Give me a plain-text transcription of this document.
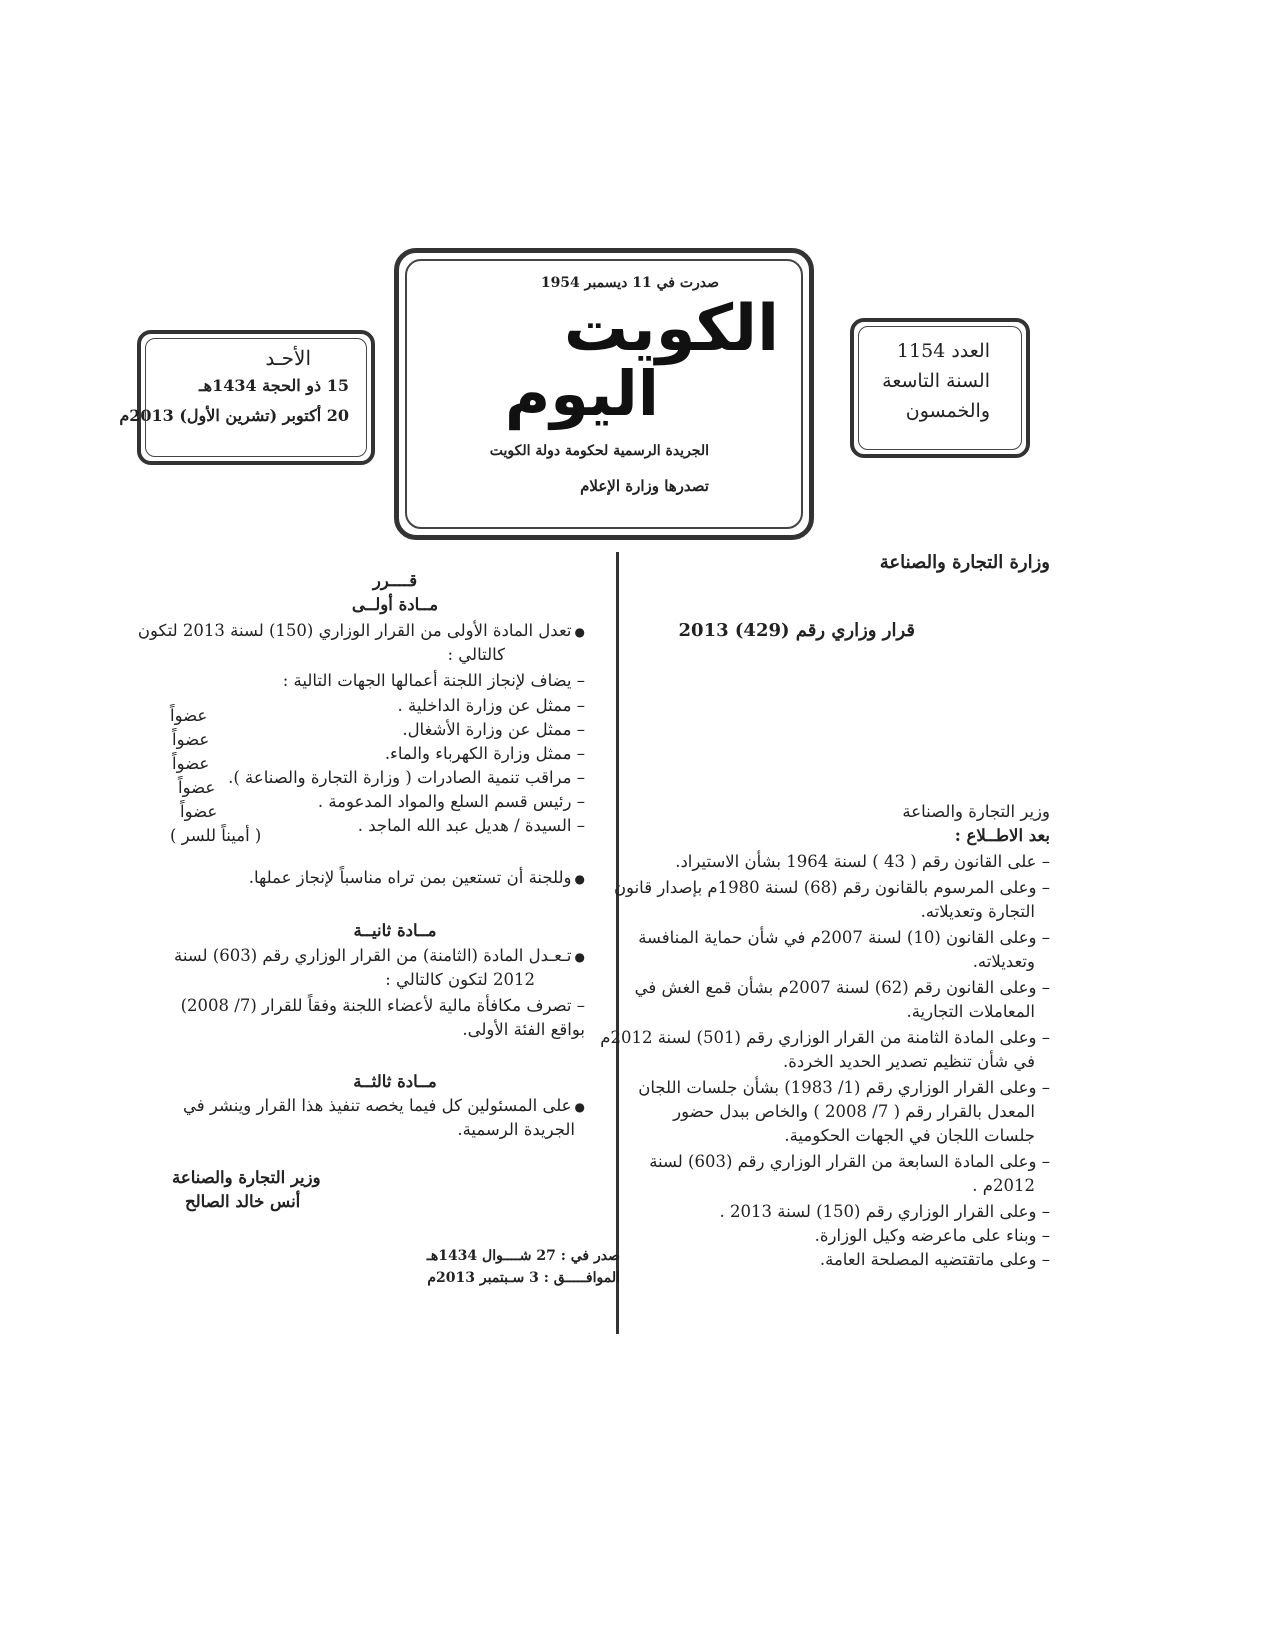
العدد 1154
السنة التاسعة
والخمسون
صدرت في 11 ديسمبر 1954
الكويت
اليوم
الجريدة الرسمية لحكومة دولة الكويت
تصدرها وزارة الإعلام
الأحـد
15 ذو الحجة 1434هـ
20 أكتوبر (تشرين الأول) 2013م
وزارة التجارة والصناعة
قرار وزاري رقم (429) 2013
وزير التجارة والصناعة
بعد الاطــلاع :
– على القانون رقم ( 43 ) لسنة 1964 بشأن الاستيراد.
– وعلى المرسوم بالقانون رقم (68) لسنة 1980م بإصدار قانون
التجارة وتعديلاته.
– وعلى القانون (10) لسنة 2007م في شأن حماية المنافسة
وتعديلاته.
– وعلى القانون رقم (62) لسنة 2007م بشأن قمع الغش في
المعاملات التجارية.
– وعلى المادة الثامنة من القرار الوزاري رقم (501) لسنة 2012م
في شأن تنظيم تصدير الحديد الخردة.
– وعلى القرار الوزاري رقم (1/ 1983) بشأن جلسات اللجان
المعدل بالقرار رقم ( 7/ 2008 ) والخاص ببدل حضور
جلسات اللجان في الجهات الحكومية.
– وعلى المادة السابعة من القرار الوزاري رقم (603) لسنة
2012م .
– وعلى القرار الوزاري رقم (150) لسنة 2013 .
– وبناء على ماعرضه وكيل الوزارة.
– وعلى ماتقتضيه المصلحة العامة.
قــــرر
مــادة أولــى
● تعدل المادة الأولى من القرار الوزاري (150) لسنة 2013 لتكون
كالتالي :
– يضاف لإنجاز اللجنة أعمالها الجهات التالية :
– ممثل عن وزارة الداخلية .
عضواً
– ممثل عن وزارة الأشغال.
عضواً
– ممثل وزارة الكهرباء والماء.
عضواً
– مراقب تنمية الصادرات ( وزارة التجارة والصناعة ).
عضواً
– رئيس قسم السلع والمواد المدعومة .
عضواً
– السيدة / هديل عبد الله الماجد .
( أميناً للسر )
● وللجنة أن تستعين بمن تراه مناسباً لإنجاز عملها.
مــادة ثانيــة
● تـعـدل المادة (الثامنة) من القرار الوزاري رقم (603) لسنة
2012 لتكون كالتالي :
– تصرف مكافأة مالية لأعضاء اللجنة وفقاً للقرار (7/ 2008)
بواقع الفئة الأولى.
مــادة ثالثــة
● على المسئولين كل فيما يخصه تنفيذ هذا القرار وينشر في
الجريدة الرسمية.
وزير التجارة والصناعة
أنس خالد الصالح
صدر في : 27 شــــوال 1434هـ
الموافـــــق : 3 سـبتمبر 2013م
